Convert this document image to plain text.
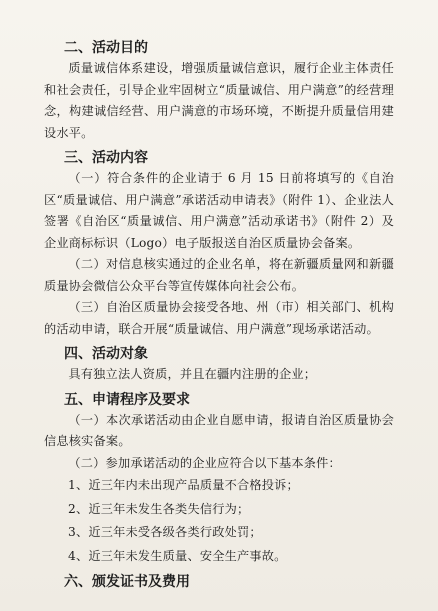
二、活动目的

质量诚信体系建设，增强质量诚信意识，履行企业主体责任和社会责任，引导企业牢固树立“质量诚信、用户满意”的经营理念，构建诚信经营、用户满意的市场环境，不断提升质量信用建设水平。

三、活动内容

（一）符合条件的企业请于 6 月 15 日前将填写的《自治区“质量诚信、用户满意”承诺活动申请表》（附件 1）、企业法人签署《自治区“质量诚信、用户满意”活动承诺书》（附件 2）及企业商标标识（Logo）电子版报送自治区质量协会备案。

（二）对信息核实通过的企业名单，将在新疆质量网和新疆质量协会微信公众平台等宣传媒体向社会公布。

（三）自治区质量协会接受各地、州（市）相关部门、机构的活动申请，联合开展“质量诚信、用户满意”现场承诺活动。

四、活动对象

具有独立法人资质，并且在疆内注册的企业；

五、申请程序及要求

（一）本次承诺活动由企业自愿申请，报请自治区质量协会信息核实备案。

（二）参加承诺活动的企业应符合以下基本条件：

1、近三年内未出现产品质量不合格投诉；

2、近三年未发生各类失信行为；

3、近三年未受各级各类行政处罚；

4、近三年未发生质量、安全生产事故。

六、颁发证书及费用
